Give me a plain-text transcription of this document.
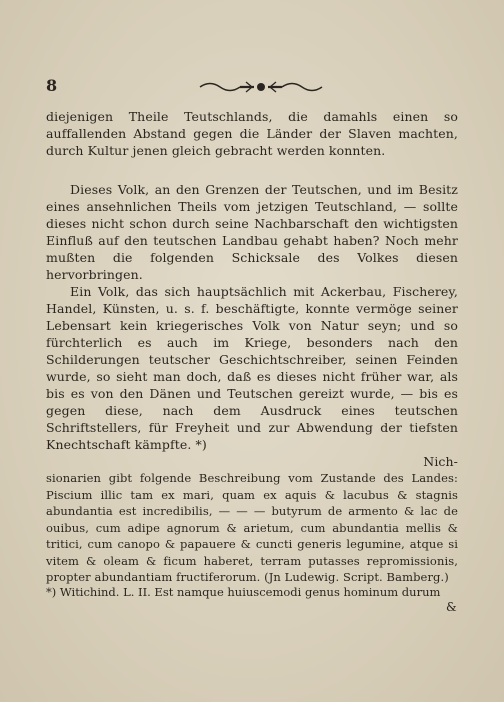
8

diejenigen Theile Teutschlands, die damahls einen so auffallenden Abstand gegen die Länder der Slaven machten, durch Kultur jenen gleich gebracht werden konnten.

Dieses Volk, an den Grenzen der Teutschen, und im Besitz eines ansehnlichen Theils vom jetzigen Teutschland, — sollte dieses nicht schon durch seine Nachbarschaft den wichtigsten Einfluß auf den teutschen Landbau gehabt haben? Noch mehr mußten die folgenden Schicksale des Volkes diesen hervorbringen.

Ein Volk, das sich hauptsächlich mit Ackerbau, Fischerey, Handel, Künsten, u. s. f. beschäftigte, konnte vermöge seiner Lebensart kein kriegerisches Volk von Natur seyn; und so fürchterlich es auch im Kriege, besonders nach den Schilderungen teutscher Geschichtschreiber, seinen Feinden wurde, so sieht man doch, daß es dieses nicht früher war, als bis es von den Dänen und Teutschen gereizt wurde, — bis es gegen diese, nach dem Ausdruck eines teutschen Schriftstellers, für Freyheit und zur Abwendung der tiefsten Knechtschaft kämpfte. *)

Nich-

sionarien gibt folgende Beschreibung vom Zustande des Landes: Piscium illic tam ex mari, quam ex aquis & lacubus & stagnis abundantia est incredibilis, — — — butyrum de armento & lac de ouibus, cum adipe agnorum & arietum, cum abundantia mellis & tritici, cum canopo & papauere & cuncti generis legumine, atque si vitem & oleam & ficum haberet, terram putasses repromissionis, propter abundantiam fructiferorum. (Jn Ludewig. Script. Bamberg.)

*) Witichind. L. II. Est namque huiuscemodi genus hominum durum
&
